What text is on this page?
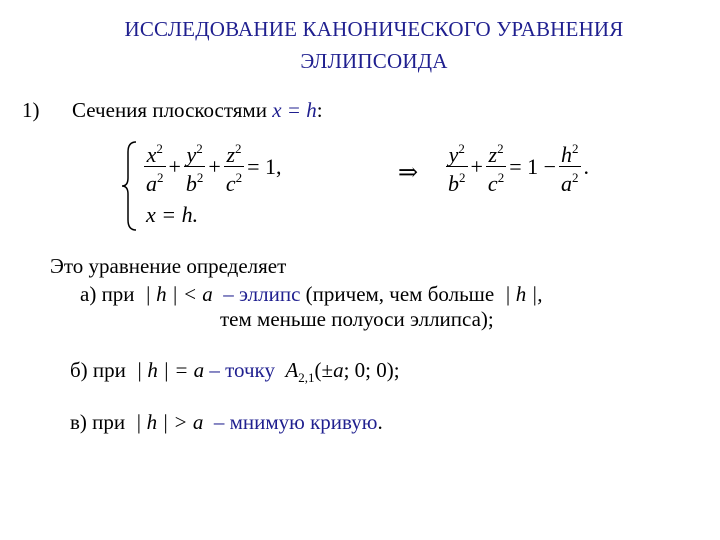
ИССЛЕДОВАНИЕ КАНОНИЧЕСКОГО УРАВНЕНИЯ
ЭЛЛИПСОИДА
1) Сечения плоскостями x = h:
$\frac{x^2}{a^2} + \frac{y^2}{b^2} + \frac{z^2}{c^2} = 1$,
x = h.
⇒ $\frac{y^2}{b^2} + \frac{z^2}{c^2} = 1 - \frac{h^2}{a^2}$ .
Это уравнение определяет
а) при | h | < a – эллипс (причем, чем больше | h |,
тем меньше полуоси эллипса);
б) при | h | = a – точку $A_{2,1}(\pm a$; 0; 0);
в) при | h | > a – мнимую кривую.
